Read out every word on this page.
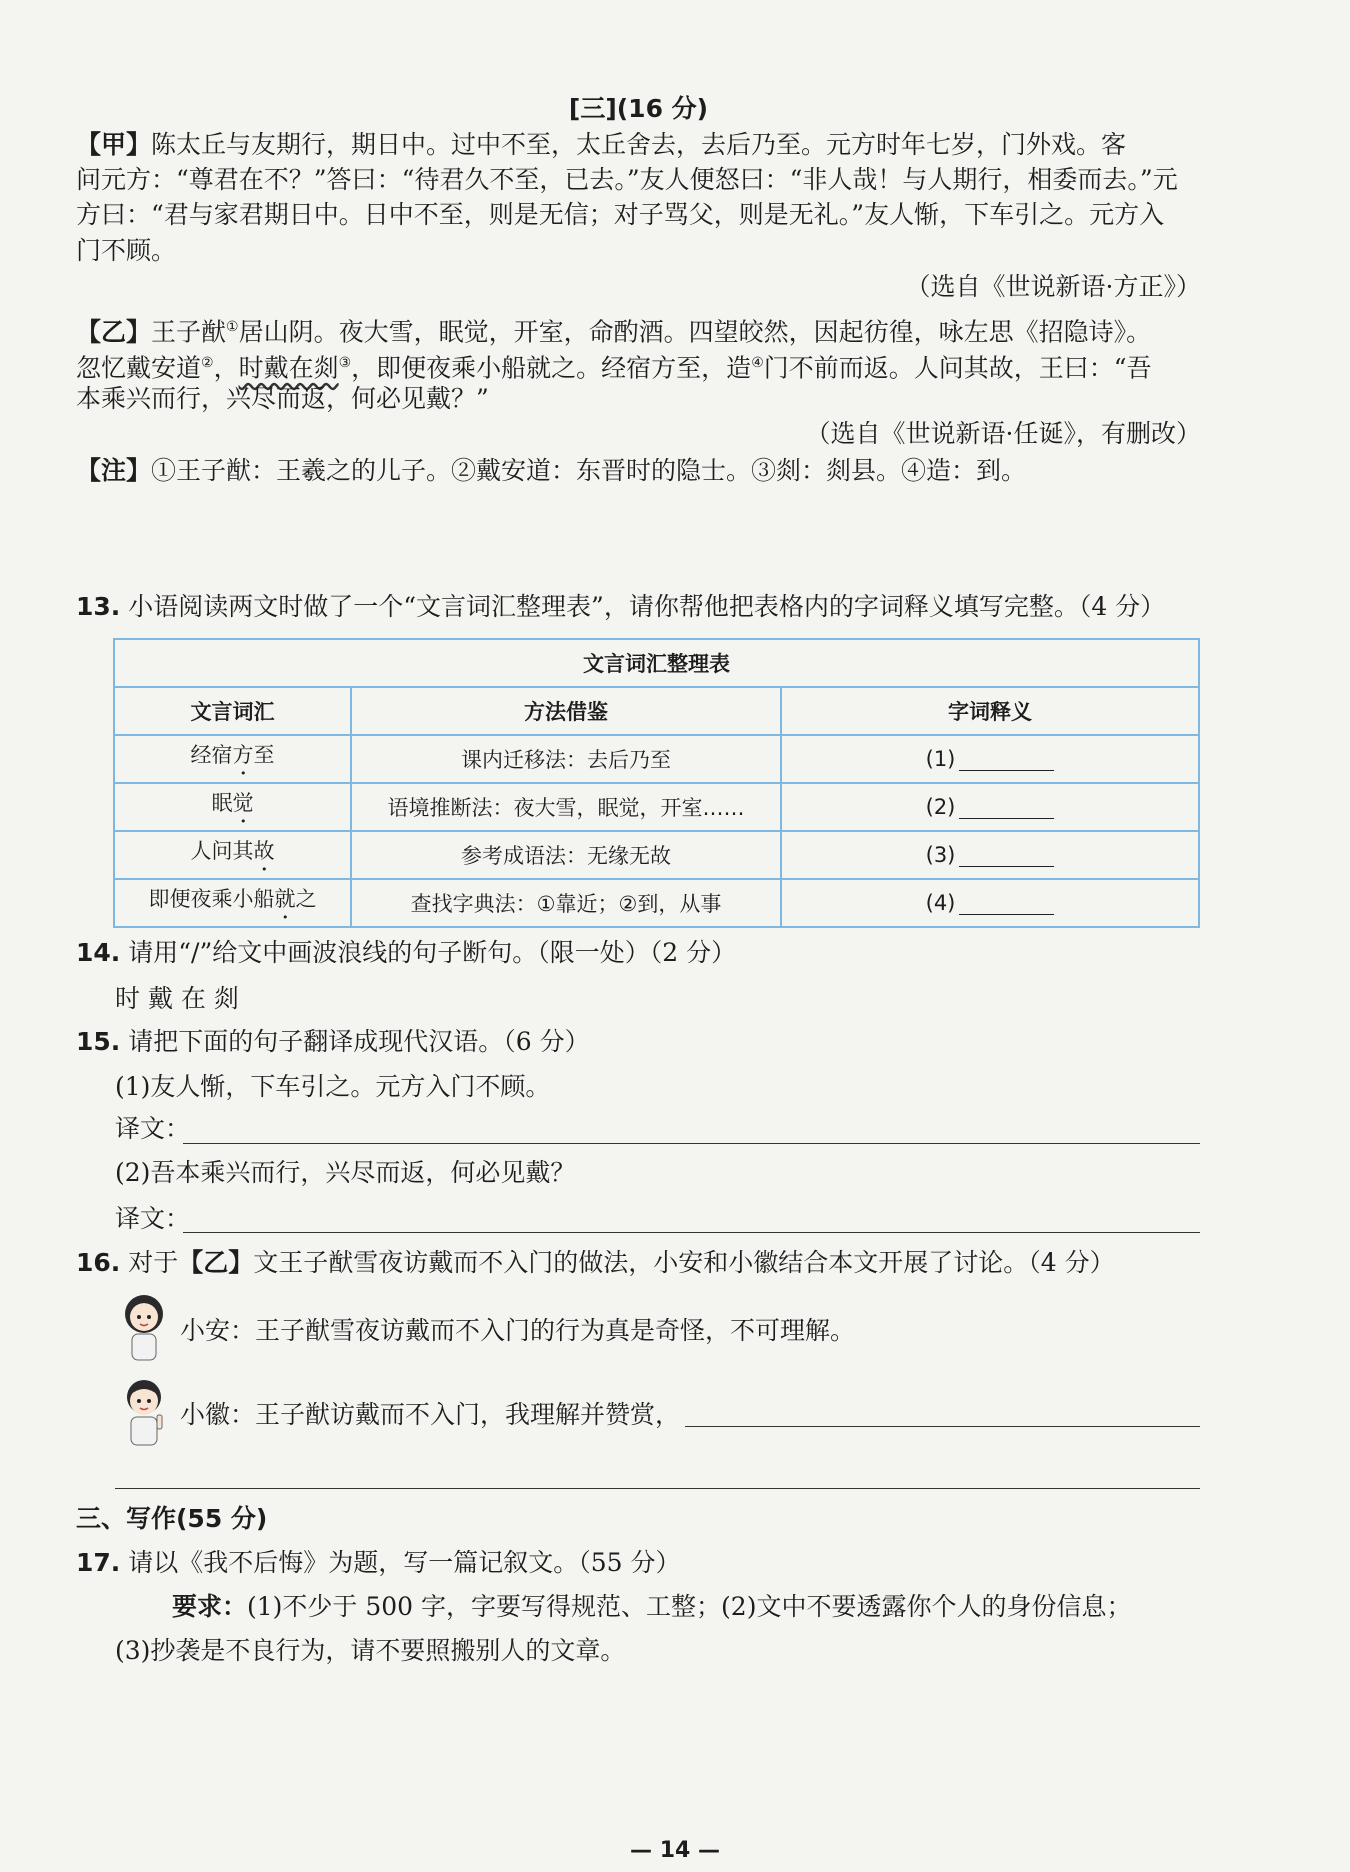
[三](16 分)
【甲】陈太丘与友期行，期日中。过中不至，太丘舍去，去后乃至。元方时年七岁，门外戏。客
问元方：“尊君在不？”答曰：“待君久不至，已去。”友人便怒曰：“非人哉！与人期行，相委而去。”元
方曰：“君与家君期日中。日中不至，则是无信；对子骂父，则是无礼。”友人惭，下车引之。元方入
门不顾。
（选自《世说新语·方正》）
【乙】王子猷①居山阴。夜大雪，眠觉，开室，命酌酒。四望皎然，因起彷徨，咏左思《招隐诗》。
忽忆戴安道②，时戴在剡③，即便夜乘小船就之。经宿方至，造④门不前而返。人问其故，王曰：“吾
本乘兴而行，兴尽而返，何必见戴？”
（选自《世说新语·任诞》，有删改）
【注】①王子猷：王羲之的儿子。②戴安道：东晋时的隐士。③剡：剡县。④造：到。
13. 小语阅读两文时做了一个“文言词汇整理表”，请你帮他把表格内的字词释义填写完整。（4 分）
文言词汇整理表		
文言词汇	方法借鉴	字词释义
经宿方至	课内迁移法：去后乃至	(1)
眠觉	语境推断法：夜大雪，眠觉，开室……	(2)
人问其故	参考成语法：无缘无故	(3)
即便夜乘小船就之	查找字典法：①靠近；②到，从事	(4)
14. 请用“/”给文中画波浪线的句子断句。（限一处）（2 分）
时 戴 在 剡
15. 请把下面的句子翻译成现代汉语。（6 分）
(1)友人惭，下车引之。元方入门不顾。
译文：
(2)吾本乘兴而行，兴尽而返，何必见戴？
译文：
16. 对于【乙】文王子猷雪夜访戴而不入门的做法，小安和小徽结合本文开展了讨论。（4 分）
小安：王子猷雪夜访戴而不入门的行为真是奇怪，不可理解。
小徽：王子猷访戴而不入门，我理解并赞赏，
三、写作(55 分)
17. 请以《我不后悔》为题，写一篇记叙文。（55 分）
要求：(1)不少于 500 字，字要写得规范、工整；(2)文中不要透露你个人的身份信息；
(3)抄袭是不良行为，请不要照搬别人的文章。
— 14 —
